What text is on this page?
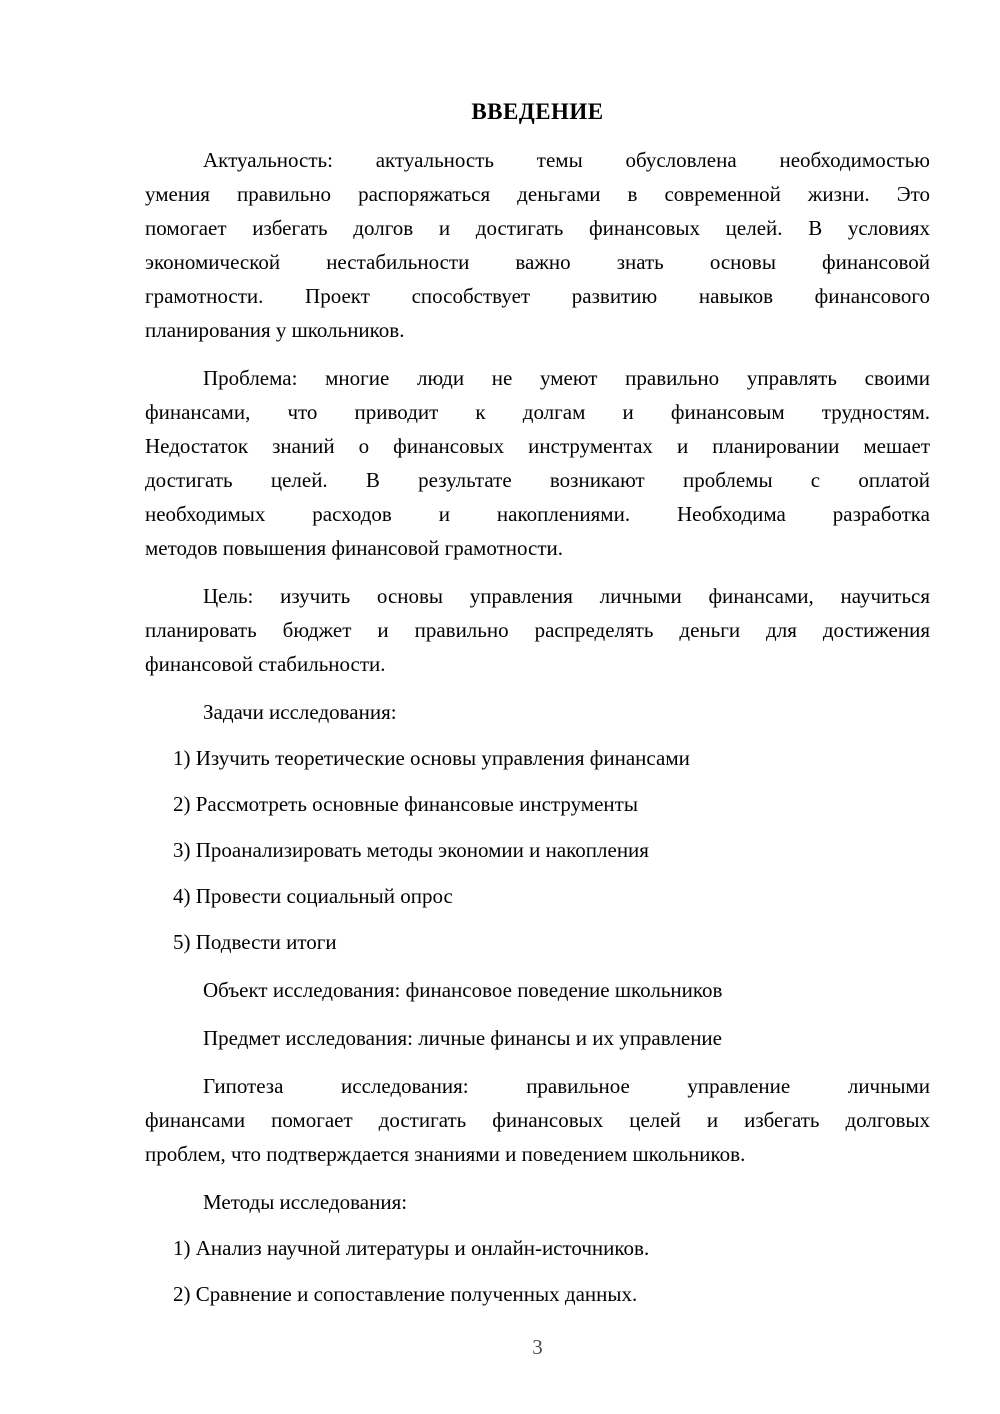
ВВЕДЕНИЕ
Актуальность: актуальность темы обусловлена необходимостью
умения правильно распоряжаться деньгами в современной жизни. Это
помогает избегать долгов и достигать финансовых целей. В условиях
экономической нестабильности важно знать основы финансовой
грамотности. Проект способствует развитию навыков финансового
планирования у школьников.
Проблема: многие люди не умеют правильно управлять своими
финансами, что приводит к долгам и финансовым трудностям.
Недостаток знаний о финансовых инструментах и планировании мешает
достигать целей. В результате возникают проблемы с оплатой
необходимых расходов и накоплениями. Необходима разработка
методов повышения финансовой грамотности.
Цель: изучить основы управления личными финансами, научиться
планировать бюджет и правильно распределять деньги для достижения
финансовой стабильности.
Задачи исследования:
1) Изучить теоретические основы управления финансами
2) Рассмотреть основные финансовые инструменты
3) Проанализировать методы экономии и накопления
4) Провести социальный опрос
5) Подвести итоги
Объект исследования: финансовое поведение школьников
Предмет исследования: личные финансы и их управление
Гипотеза исследования: правильное управление личными
финансами помогает достигать финансовых целей и избегать долговых
проблем, что подтверждается знаниями и поведением школьников.
Методы исследования:
1) Анализ научной литературы и онлайн-источников.
2) Сравнение и сопоставление полученных данных.
3
